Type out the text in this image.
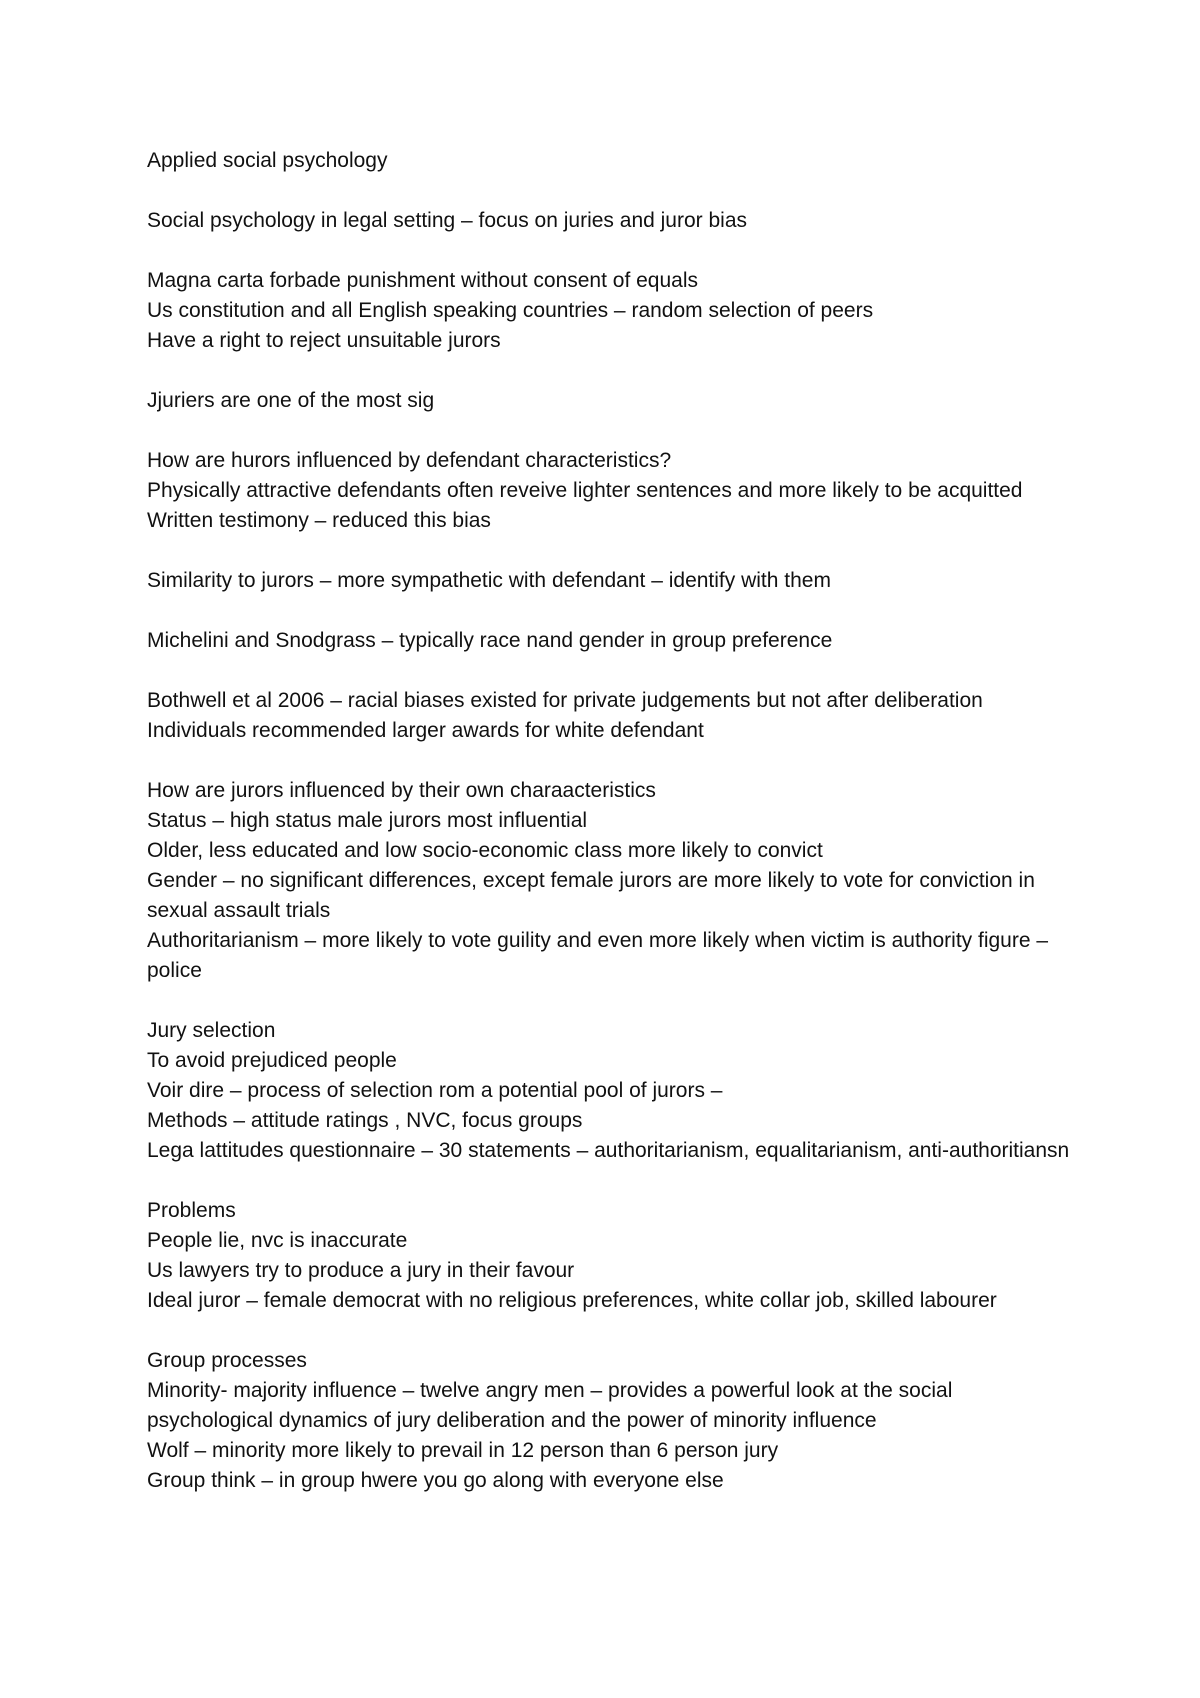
Applied social psychology
Social psychology in legal setting – focus on juries and juror bias
Magna carta forbade punishment without consent of equals
Us constitution and all English speaking countries – random selection of peers
Have a right to reject unsuitable jurors
Jjuriers are one of the most sig
How are hurors influenced by defendant characteristics?
Physically attractive defendants often reveive lighter sentences and more likely to be acquitted
Written testimony – reduced this bias
Similarity to jurors – more sympathetic with defendant – identify with them
Michelini and Snodgrass – typically race nand gender in group preference
Bothwell et al 2006 – racial biases existed for private judgements but not after deliberation
Individuals recommended larger awards for white defendant
How are jurors influenced by their own charaacteristics
Status – high status male jurors most influential
Older, less educated and low socio-economic class more likely to convict
Gender – no significant differences, except female jurors are more likely to vote for conviction in sexual assault trials
Authoritarianism – more likely to vote guility and even more likely when victim is authority figure – police
Jury selection
To avoid prejudiced people
Voir dire – process of selection rom a potential pool of jurors –
Methods – attitude ratings , NVC, focus groups
Lega lattitudes questionnaire – 30 statements – authoritarianism, equalitarianism, anti-authoritiansn
Problems
People lie, nvc is inaccurate
Us lawyers try to produce a jury in their favour
Ideal juror – female democrat with no religious preferences, white collar job, skilled labourer
Group processes
Minority- majority influence – twelve angry men – provides a powerful look at the social psychological dynamics of jury deliberation and the power of minority influence
Wolf – minority more likely to prevail in 12 person than 6 person jury
Group think – in group hwere you go along with everyone else
